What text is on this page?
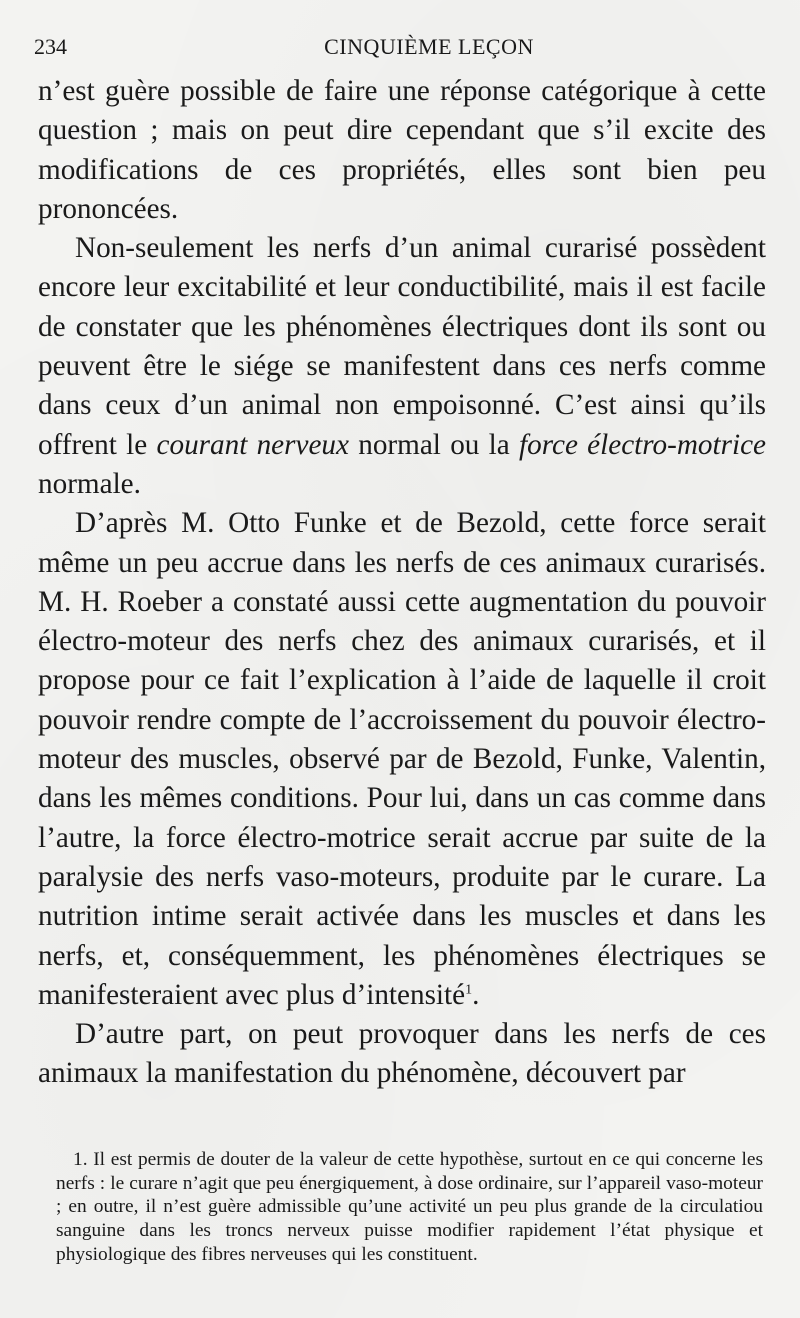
234	CINQUIÈME LEÇON

n’est guère possible de faire une réponse catégorique à cette question ; mais on peut dire cependant que s’il excite des modifications de ces propriétés, elles sont bien peu prononcées.

Non-seulement les nerfs d’un animal curarisé possèdent encore leur excitabilité et leur conductibilité, mais il est facile de constater que les phénomènes électriques dont ils sont ou peuvent être le siége se manifestent dans ces nerfs comme dans ceux d’un animal non empoisonné. C’est ainsi qu’ils offrent le courant nerveux normal ou la force électro-motrice normale.

D’après M. Otto Funke et de Bezold, cette force serait même un peu accrue dans les nerfs de ces animaux curarisés. M. H. Roeber a constaté aussi cette augmentation du pouvoir électro-moteur des nerfs chez des animaux curarisés, et il propose pour ce fait l’explication à l’aide de laquelle il croit pouvoir rendre compte de l’accroissement du pouvoir électro-moteur des muscles, observé par de Bezold, Funke, Valentin, dans les mêmes conditions. Pour lui, dans un cas comme dans l’autre, la force électro-motrice serait accrue par suite de la paralysie des nerfs vaso-moteurs, produite par le curare. La nutrition intime serait activée dans les muscles et dans les nerfs, et, conséquemment, les phénomènes électriques se manifesteraient avec plus d’intensité$^1$.

D’autre part, on peut provoquer dans les nerfs de ces animaux la manifestation du phénomène, découvert par

1. Il est permis de douter de la valeur de cette hypothèse, surtout en ce qui concerne les nerfs : le curare n’agit que peu énergiquement, à dose ordinaire, sur l’appareil vaso-moteur ; en outre, il n’est guère admissible qu’une activité un peu plus grande de la circulatiou sanguine dans les troncs nerveux puisse modifier rapidement l’état physique et physiologique des fibres nerveuses qui les constituent.
